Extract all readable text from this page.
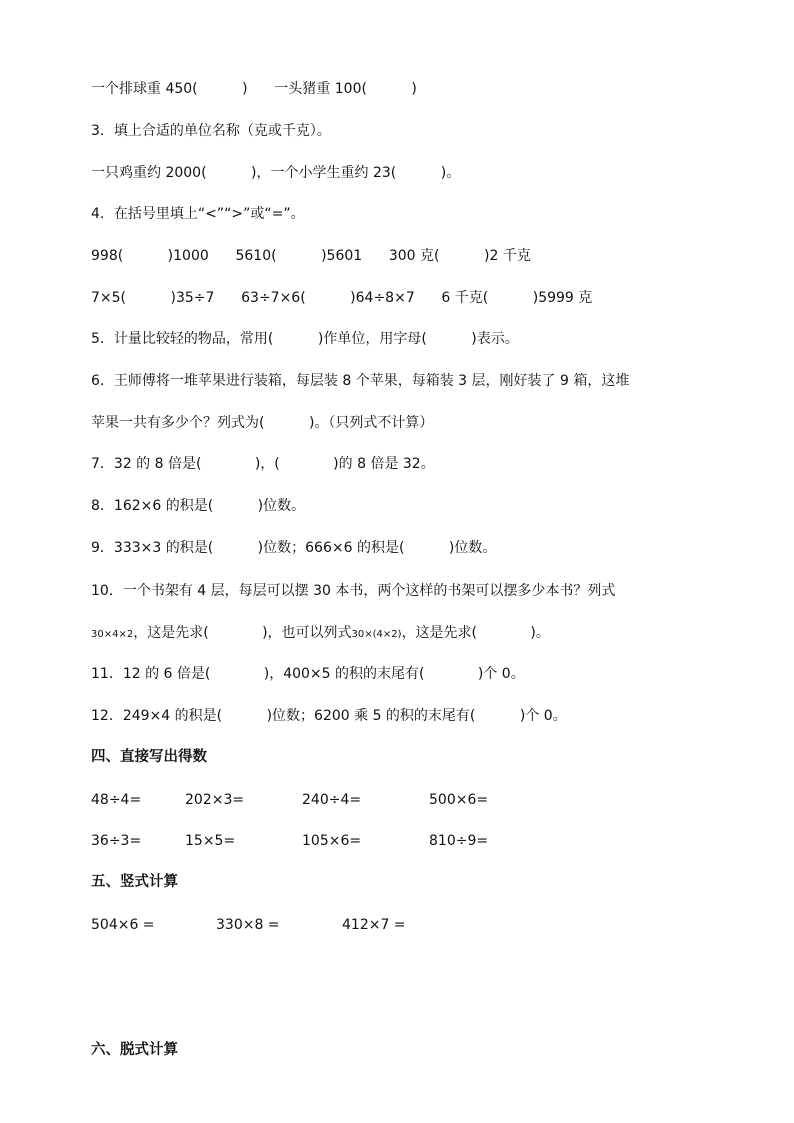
一个排球重 450(          )      一头猪重 100(          )
3．填上合适的单位名称（克或千克）。
一只鸡重约 2000(          )，一个小学生重约 23(          )。
4．在括号里填上“<”“>”或“=”。
998(          )1000      5610(          )5601      300 克(          )2 千克
7×5(          )35÷7      63÷7×6(          )64÷8×7      6 千克(          )5999 克
5．计量比较轻的物品，常用(          )作单位，用字母(          )表示。
6．王师傅将一堆苹果进行装箱，每层装 8 个苹果，每箱装 3 层，刚好装了 9 箱，这堆
苹果一共有多少个？列式为(          )。（只列式不计算）
7．32 的 8 倍是(            )，(            )的 8 倍是 32。
8．162×6 的积是(          )位数。
9．333×3 的积是(          )位数；666×6 的积是(          )位数。
10．一个书架有 4 层，每层可以摆 30 本书，两个这样的书架可以摆多少本书？列式
30×4×2，这是先求(            )，也可以列式30×(4×2)，这是先求(            )。
11．12 的 6 倍是(            )，400×5 的积的末尾有(            )个 0。
12．249×4 的积是(          )位数；6200 乘 5 的积的末尾有(          )个 0。
四、直接写出得数
48÷4=	202×3=	240÷4=	500×6=
36÷3=	15×5=	105×6=	810÷9=
五、竖式计算
504×6 =	330×8 =	412×7 =
六、脱式计算
